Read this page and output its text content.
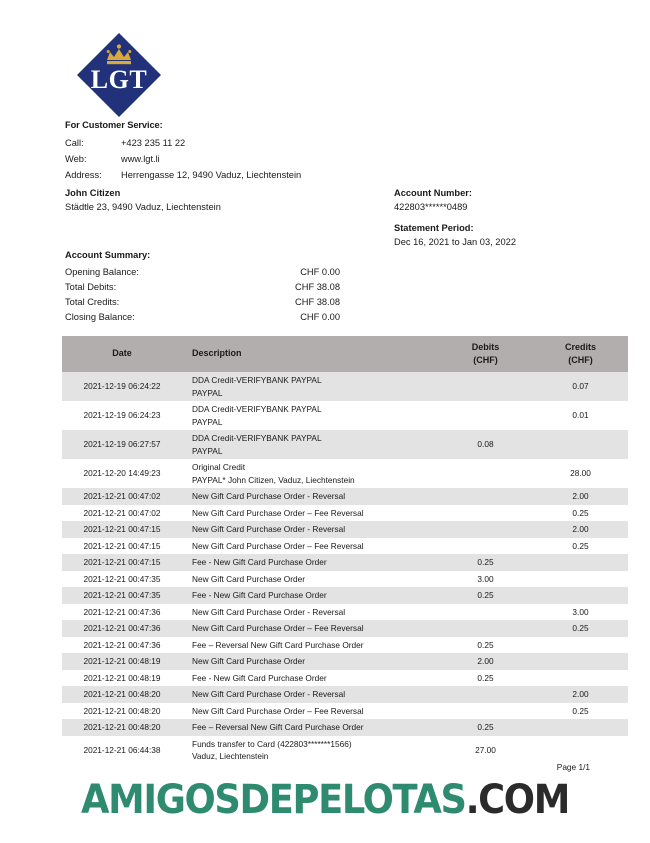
LGT
For Customer Service:
Call:	+423 235 11 22
Web:	www.lgt.li
Address:	Herrengasse 12, 9490 Vaduz, Liechtenstein
John Citizen
Städtle 23, 9490 Vaduz, Liechtenstein
Account Number:
422803******0489
Statement Period:
Dec 16, 2021 to Jan 03, 2022
Account Summary:
Opening Balance:	CHF 0.00
Total Debits:	CHF 38.08
Total Credits:	CHF 38.08
Closing Balance:	CHF 0.00
Date	Description	Debits
(CHF)	Credits
(CHF)
2021-12-19 06:24:22	DDA Credit-VERIFYBANK PAYPAL
PAYPAL		0.07
2021-12-19 06:24:23	DDA Credit-VERIFYBANK PAYPAL
PAYPAL		0.01
2021-12-19 06:27:57	DDA Credit-VERIFYBANK PAYPAL
PAYPAL	0.08	
2021-12-20 14:49:23	Original Credit
PAYPAL* John Citizen, Vaduz, Liechtenstein		28.00
2021-12-21 00:47:02	New Gift Card Purchase Order - Reversal		2.00
2021-12-21 00:47:02	New Gift Card Purchase Order – Fee Reversal		0.25
2021-12-21 00:47:15	New Gift Card Purchase Order - Reversal		2.00
2021-12-21 00:47:15	New Gift Card Purchase Order – Fee Reversal		0.25
2021-12-21 00:47:15	Fee - New Gift Card Purchase Order	0.25	
2021-12-21 00:47:35	New Gift Card Purchase Order	3.00	
2021-12-21 00:47:35	Fee - New Gift Card Purchase Order	0.25	
2021-12-21 00:47:36	New Gift Card Purchase Order - Reversal		3.00
2021-12-21 00:47:36	New Gift Card Purchase Order – Fee Reversal		0.25
2021-12-21 00:47:36	Fee – Reversal New Gift Card Purchase Order	0.25	
2021-12-21 00:48:19	New Gift Card Purchase Order	2.00	
2021-12-21 00:48:19	Fee - New Gift Card Purchase Order	0.25	
2021-12-21 00:48:20	New Gift Card Purchase Order - Reversal		2.00
2021-12-21 00:48:20	New Gift Card Purchase Order – Fee Reversal		0.25
2021-12-21 00:48:20	Fee – Reversal New Gift Card Purchase Order	0.25	
2021-12-21 06:44:38	Funds transfer to Card (422803*******1566)
Vaduz, Liechtenstein	27.00	
Page 1/1
AMIGOSDEPELOTAS.COM
